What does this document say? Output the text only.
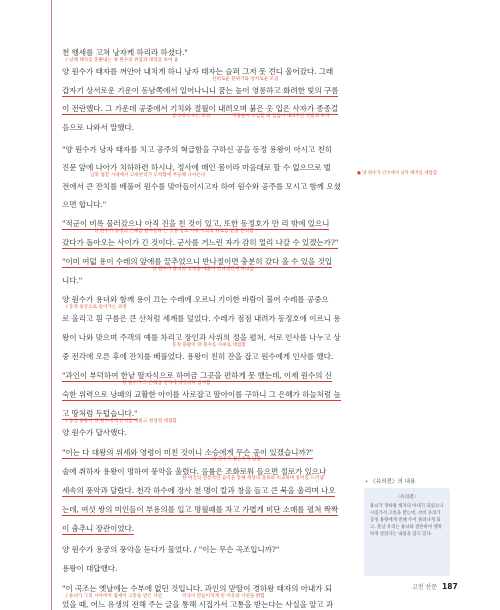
천 행세를 고쳐 낭자케 하리라 하셨다."
양 원수가 태자를 껴안아 내치게 하니 낭자 태자는 슬퍼 그저 못 견디 울어갔다. 그래
갑자기 상서로운 기운이 동남쪽에서 일어나니니 꿈는 높이 영롱하고 화려한 빛의 구름
이 전란했다. 그 가운데 공중에서 기치와 절월이 내려오며 붉은 옷 입은 사자가 종종걸
음으로 나와서 말했다.
"양 원수가 낭자 태자를 치고 공주의 혁급함을 구하신 공을 동정 용왕이 아시고 친히
진문 앞에 나아가 치하하련 하시나, 정사에 매인 몸이라 마음대로 할 수 없으므로 벌
전에서 큰 잔치를 베풀어 원수를 맞아들이시고자 하여 원수와 공주를 모시고 함께 오셨
으면 합니다."
"적군이 비록 물러갔으나 아직 진을 친 것이 있고, 또한 동정호가 만 리 밖에 있으니
갔다가 돌아오는 사이가 긴 것이다. 군사를 거느린 자가 감히 멀리 나갈 수 있겠는가?"
"이미 여덟 용이 수레의 앞에를 끌추었으니 반나절이면 충분히 갔다 올 수 있을 것입
니다."
양 원수가 용녀와 함께 용이 끄는 수레에 오르니 기이한 바람이 불어 수레를 공중으
로 올리고 흰 구름은 큰 산처럼 세계를 덮었다. 수레가 점점 내려가 동정호에 이르니 용
왕이 나와 맞으며 주객의 예를 차리고 장인과 사위의 정을 펼쳐, 서로 인사를 나누고 상
중 전각에 오른 후에 잔치를 베풀었다. 용왕이 친히 잔을 잡고 원수에게 인사를 했다.
"과인이 부덕하여 한낱 딸자식으로 하여금 그곳을 편하게 못 했는데, 이제 원수의 신
숙한 위력으로 낭패의 교활한 아이를 사로잡고 딸아이를 구하니 그 은혜가 하늘처럼 높
고 땅처럼 두텁습니다."
양 원수가 답사했다.
"이는 다 대왕의 위세와 영령이 미친 것이니 소승에게 무슨 공이 있겠습니까?"
술에 취하자 용왕이 명하여 풍악을 울렸다. 음률은 조화로워 들으면 절로가 있으나
세속의 풍악과 달랐다. 천각 하수에 장사 천 명이 칼과 창을 들고 큰 북을 울리며 나오
는데, 여섯 쌍의 미인들이 부용의를 입고 명월패를 차고 가볍게 비단 소매를 펼쳐 짝짝
이 춤추니 장관이었다.
양 원수가 용궁의 풍악을 듣다가 물었다. / "이는 무슨 곡조입니까?"
용왕이 대답했다.
"이 곡조는 옛날에는 수부에 없던 것입니다. 과인의 맏딸이 경하왕 태자의 아내가 되
었을 때, 어느 유생의 전해 주는 글을 통해 시집가서 고통을 받는다는 사실을 알고 과
/ 낭패 태자를 혼쭐내는 양 원수의 위엄과 대의를 보여 줌
신비로운 분위기와 상서로운 조짐
공식에서 오는 모양	지방관이 부임할 때 임금이 내려주던 깃발과 도끼
남북 접할 시대에서 고위관리가 도착함에 부응해 나아온다
양 원수가 동정의 은혜를 갚아준다 는 것을 알고 사위 이외의 위로를 받을 문의함
양 원수가 용녀의 동정을 베풀어 반나절만에 다녀옴
/ 동정 용궁으로 들어가는 과정
동정 용왕이 양 원수를 사위로 대접함
양 원수가 그 은혜를 천지에 비유하며 감사함
/ 동정 용왕이 양 원수에게 잔치를 베풀고 정성껏 대접함
양 원수가 겸손하게 답함
한 여인의 전통적인 음악을 통해 세상의 풍류와 비교하며 흥미를 드러냄
/ 용녀가 그의 시아버지 집에서 고통을 받은 사연	악곡이 만들어지게 된 이유와 사연을 밝힘
● 양 원수가 인조에서 낭자 태자를 제압함
• 《유의전》의 내용
〈유의전〉
용녀가 경하왕 태자의 아내가 되었으나 시집가서 고통을 받는데, 선비 유의가 동정 용왕에게 전해 주어 풀려나게 되고, 훗날 유의는 용녀와 결혼하여 행복하게 살았다는 내용을 담고 있다.
고전 산문 187
